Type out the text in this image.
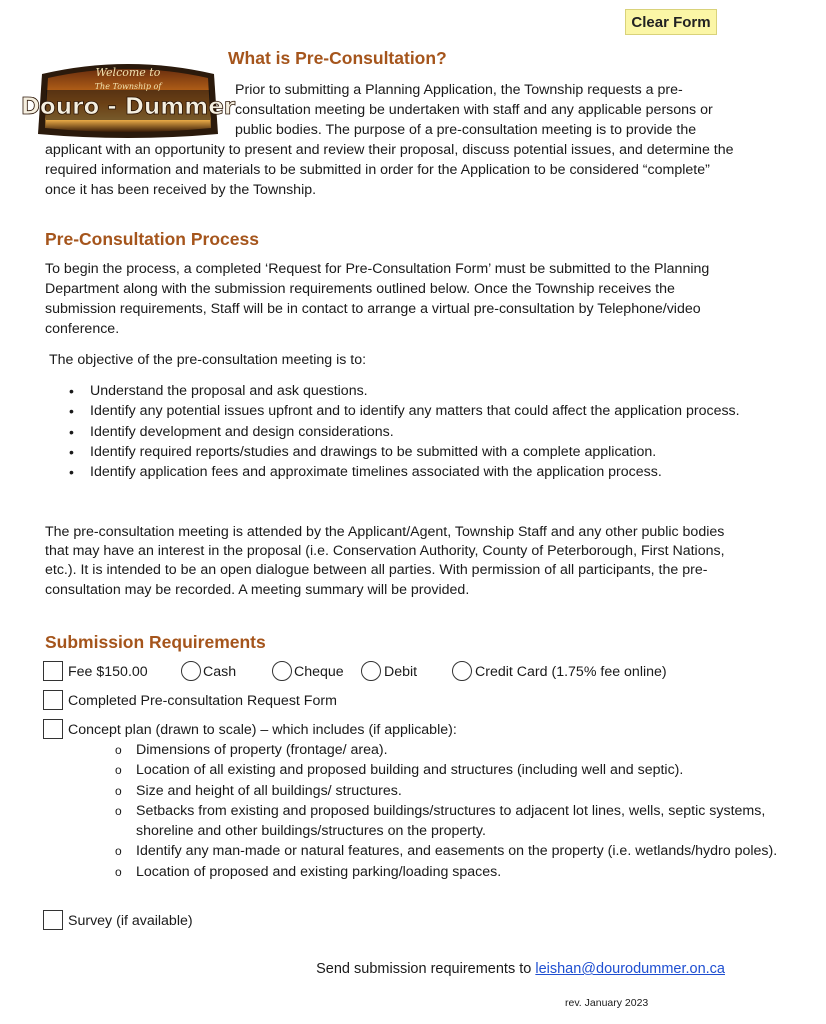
Clear Form
Welcome to
The Township of
Douro - Dummer
What is Pre-Consultation?

Prior to submitting a Planning Application, the Township requests a pre-consultation meeting be undertaken with staff and any applicable persons or public bodies. The purpose of a pre-consultation meeting is to provide the applicant with an opportunity to present and review their proposal, discuss potential issues, and determine the required information and materials to be submitted in order for the Application to be considered “complete” once it has been received by the Township.

Pre-Consultation Process

To begin the process, a completed ‘Request for Pre-Consultation Form’ must be submitted to the Planning Department along with the submission requirements outlined below. Once the Township receives the submission requirements, Staff will be in contact to arrange a virtual pre-consultation by Telephone/video conference.

The objective of the pre-consultation meeting is to:

• Understand the proposal and ask questions.
• Identify any potential issues upfront and to identify any matters that could affect the application process.
• Identify development and design considerations.
• Identify required reports/studies and drawings to be submitted with a complete application.
• Identify application fees and approximate timelines associated with the application process.

The pre-consultation meeting is attended by the Applicant/Agent, Township Staff and any other public bodies that may have an interest in the proposal (i.e. Conservation Authority, County of Peterborough, First Nations, etc.). It is intended to be an open dialogue between all parties. With permission of all participants, the pre-consultation may be recorded. A meeting summary will be provided.

Submission Requirements
Fee $150.00	Cash	Cheque	Debit	Credit Card (1.75% fee online)
Completed Pre-consultation Request Form
Concept plan (drawn to scale) – which includes (if applicable):
o Dimensions of property (frontage/ area).
o Location of all existing and proposed building and structures (including well and septic).
o Size and height of all buildings/ structures.
o Setbacks from existing and proposed buildings/structures to adjacent lot lines, wells, septic systems, shoreline and other buildings/structures on the property.
o Identify any man-made or natural features, and easements on the property (i.e. wetlands/hydro poles).
o Location of proposed and existing parking/loading spaces.
Survey (if available)
Send submission requirements to leishan@dourodummer.on.ca
rev. January 2023
